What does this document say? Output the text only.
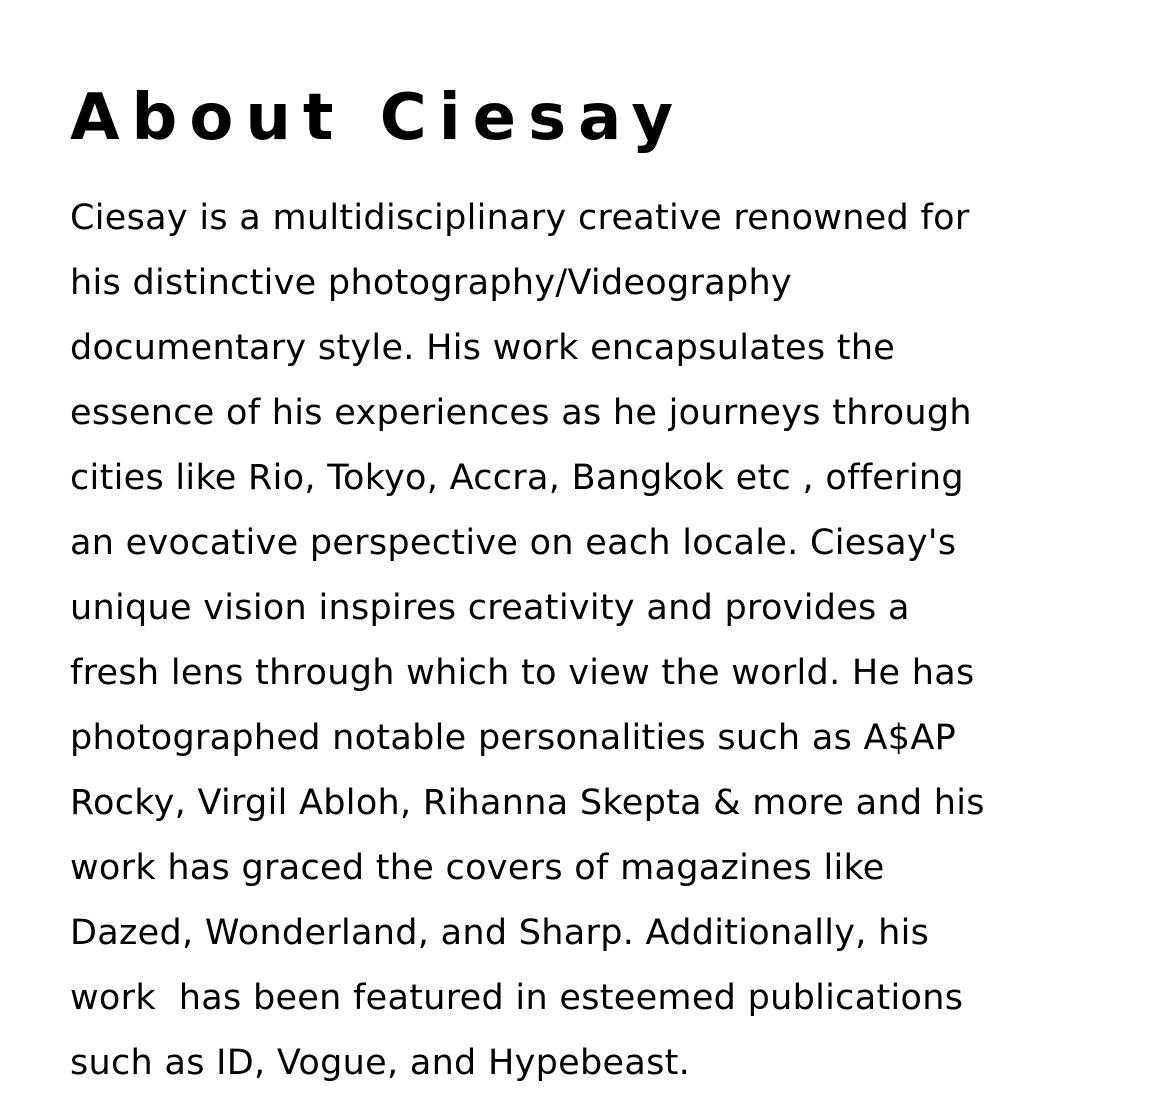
About Ciesay
Ciesay is a multidisciplinary creative renowned for
his distinctive photography/Videography
documentary style. His work encapsulates the
essence of his experiences as he journeys through
cities like Rio, Tokyo, Accra, Bangkok etc , offering
an evocative perspective on each locale. Ciesay's
unique vision inspires creativity and provides a
fresh lens through which to view the world. He has
photographed notable personalities such as A$AP
Rocky, Virgil Abloh, Rihanna Skepta & more and his
work has graced the covers of magazines like
Dazed, Wonderland, and Sharp. Additionally, his
work  has been featured in esteemed publications
such as ID, Vogue, and Hypebeast.
